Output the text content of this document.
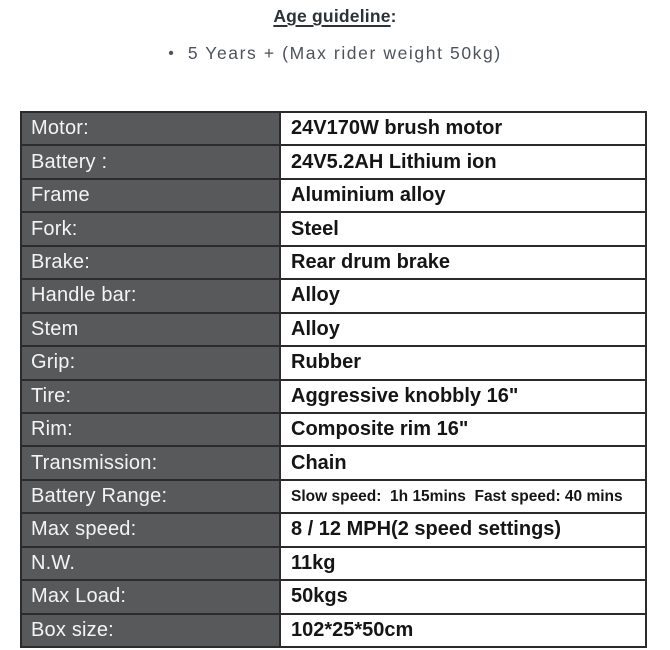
Age guideline:
• 5 Years + (Max rider weight 50kg)
Motor:	24V170W brush motor
Battery :	24V5.2AH Lithium ion
Frame	Aluminium alloy
Fork:	Steel
Brake:	Rear drum brake
Handle bar:	Alloy
Stem	Alloy
Grip:	Rubber
Tire:	Aggressive knobbly 16"
Rim:	Composite rim 16"
Transmission:	Chain
Battery Range:	Slow speed:  1h 15mins  Fast speed: 40 mins
Max speed:	8 / 12 MPH(2 speed settings)
N.W.	11kg
Max Load:	50kgs
Box size:	102*25*50cm
